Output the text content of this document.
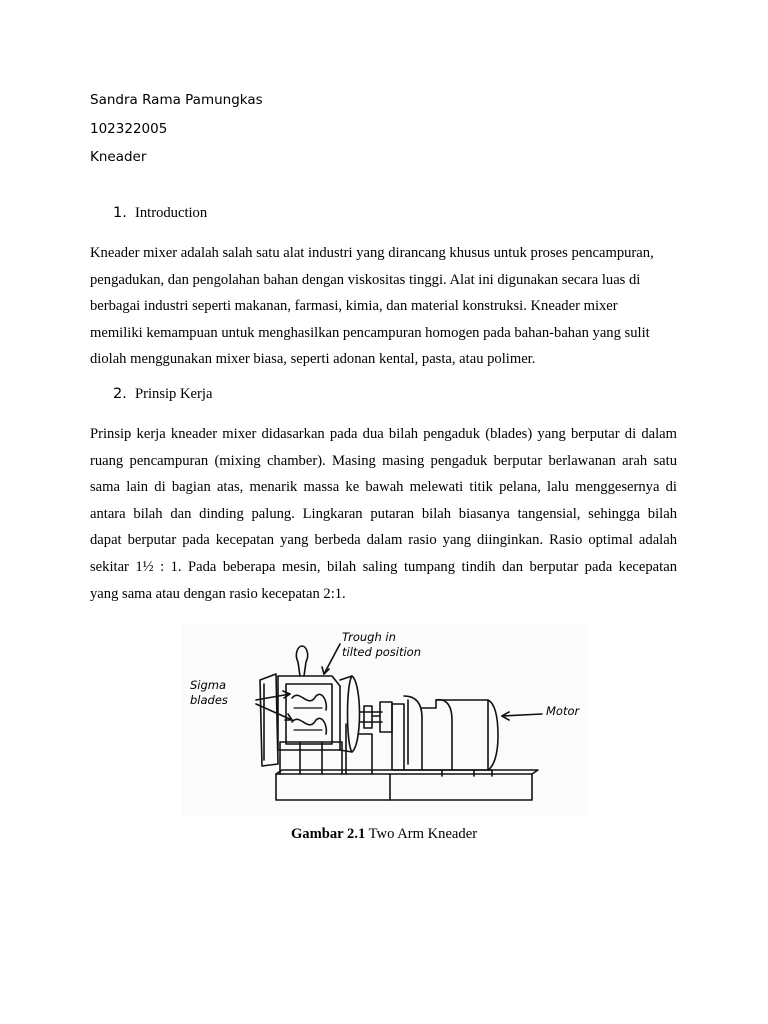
Sandra Rama Pamungkas
102322005
Kneader
1. Introduction
Kneader mixer adalah salah satu alat industri yang dirancang khusus untuk proses pencampuran,
pengadukan, dan pengolahan bahan dengan viskositas tinggi. Alat ini digunakan secara luas di
berbagai industri seperti makanan, farmasi, kimia, dan material konstruksi. Kneader mixer
memiliki kemampuan untuk menghasilkan pencampuran homogen pada bahan-bahan yang sulit
diolah menggunakan mixer biasa, seperti adonan kental, pasta, atau polimer.
2. Prinsip Kerja
Prinsip kerja kneader mixer didasarkan pada dua bilah pengaduk (blades) yang berputar di dalam
ruang pencampuran (mixing chamber). Masing masing pengaduk berputar berlawanan arah satu
sama lain di bagian atas, menarik massa ke bawah melewati titik pelana, lalu menggesernya di
antara bilah dan dinding palung. Lingkaran putaran bilah biasanya tangensial, sehingga bilah
dapat berputar pada kecepatan yang berbeda dalam rasio yang diinginkan. Rasio optimal adalah
sekitar 1½ : 1. Pada beberapa mesin, bilah saling tumpang tindih dan berputar pada kecepatan
yang sama atau dengan rasio kecepatan 2:1.
Trough in
tilted position
Sigma
blades
Motor
Gambar 2.1 Two Arm Kneader
